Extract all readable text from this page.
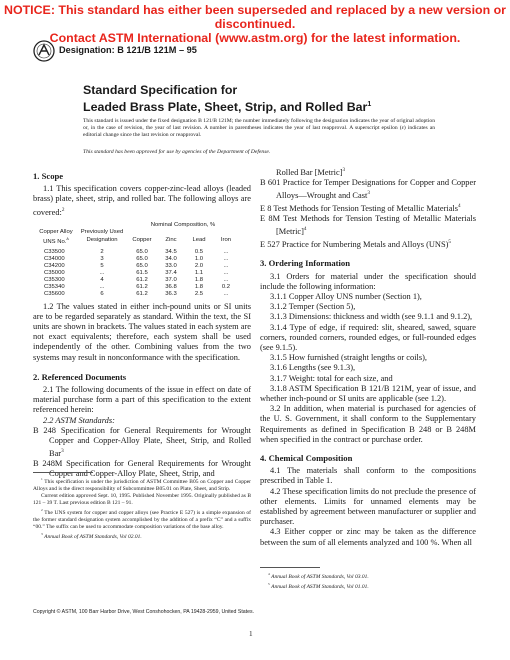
NOTICE: This standard has either been superseded and replaced by a new version or discontinued.
Contact ASTM International (www.astm.org) for the latest information.
Designation: B 121/B 121M – 95
Standard Specification for
Leaded Brass Plate, Sheet, Strip, and Rolled Bar$^1$
This standard is issued under the fixed designation B 121/B 121M; the number immediately following the designation indicates the year of original adoption or, in the case of revision, the year of last revision. A number in parentheses indicates the year of last reapproval. A superscript epsilon (ε) indicates an editorial change since the last revision or reapproval.
This standard has been approved for use by agencies of the Department of Defense.
1. Scope

1.1 This specification covers copper-zinc-lead alloys (leaded brass) plate, sheet, strip, and rolled bar. The following alloys are covered:$^2$

		Nominal Composition, %			
Copper Alloy	Previously Used				
UNS No.$^A$	Designation	Copper	Zinc	Lead	Iron

C33500	2	65.0	34.5	0.5	...
C34000	3	65.0	34.0	1.0	...
C34200	5	65.0	33.0	2.0	...
C35000	...	61.5	37.4	1.1	...
C35300	4	61.2	37.0	1.8	...
C35340	...	61.2	36.8	1.8	0.2
C35600	6	61.2	36.3	2.5	...

1.2 The values stated in either inch-pound units or SI units are to be regarded separately as standard. Within the text, the SI units are shown in brackets. The values stated in each system are not exact equivalents; therefore, each system shall be used independently of the other. Combining values from the two systems may result in nonconformance with the specification.

2. Referenced Documents

2.1 The following documents of the issue in effect on date of material purchase form a part of this specification to the extent referenced herein:

2.2 ASTM Standards:

B 248 Specification for General Requirements for Wrought Copper and Copper-Alloy Plate, Sheet, Strip, and Rolled Bar$^3$

B 248M Specification for General Requirements for Wrought Copper and Copper-Alloy Plate, Sheet, Strip, and

$^1$ This specification is under the jurisdiction of ASTM Committee B05 on Copper and Copper Alloys and is the direct responsibility of Subcommittee B05.01 on Plate, Sheet, and Strip.

Current edition approved Sept. 10, 1995. Published November 1995. Originally published as B 121 – 39 T. Last previous edition B 121 – 91.

$^2$ The UNS system for copper and copper alloys (see Practice E 527) is a simple expansion of the former standard designation system accomplished by the addition of a prefix “C” and a suffix “00.” The suffix can be used to accommodate composition variations of the base alloy.

$^3$ Annual Book of ASTM Standards, Vol 02.01.

Rolled Bar [Metric]$^3$

B 601 Practice for Temper Designations for Copper and Copper Alloys—Wrought and Cast$^3$

E 8 Test Methods for Tension Testing of Metallic Materials$^4$

E 8M Test Methods for Tension Testing of Metallic Materials [Metric]$^4$

E 527 Practice for Numbering Metals and Alloys (UNS)$^5$

3. Ordering Information

3.1 Orders for material under the specification should include the following information:

3.1.1 Copper Alloy UNS number (Section 1),

3.1.2 Temper (Section 5),

3.1.3 Dimensions: thickness and width (see 9.1.1 and 9.1.2),

3.1.4 Type of edge, if required: slit, sheared, sawed, square corners, rounded corners, rounded edges, or full-rounded edges (see 9.1.5).

3.1.5 How furnished (straight lengths or coils),

3.1.6 Lengths (see 9.1.3),

3.1.7 Weight: total for each size, and

3.1.8 ASTM Specification B 121/B 121M, year of issue, and whether inch-pound or SI units are applicable (see 1.2).

3.2 In addition, when material is purchased for agencies of the U. S. Government, it shall conform to the Supplementary Requirements as defined in Specification B 248 or B 248M when specified in the contract or purchase order.

4. Chemical Composition

4.1 The materials shall conform to the compositions prescribed in Table 1.

4.2 These specification limits do not preclude the presence of other elements. Limits for unnamed elements may be established by agreement between manufacturer or supplier and purchaser.

4.3 Either copper or zinc may be taken as the difference between the sum of all elements analyzed and 100 %. When all

$^4$ Annual Book of ASTM Standards, Vol 03.01.

$^5$ Annual Book of ASTM Standards, Vol 01.01.

Copyright © ASTM, 100 Barr Harbor Drive, West Conshohocken, PA 19428-2959, United States.
1
